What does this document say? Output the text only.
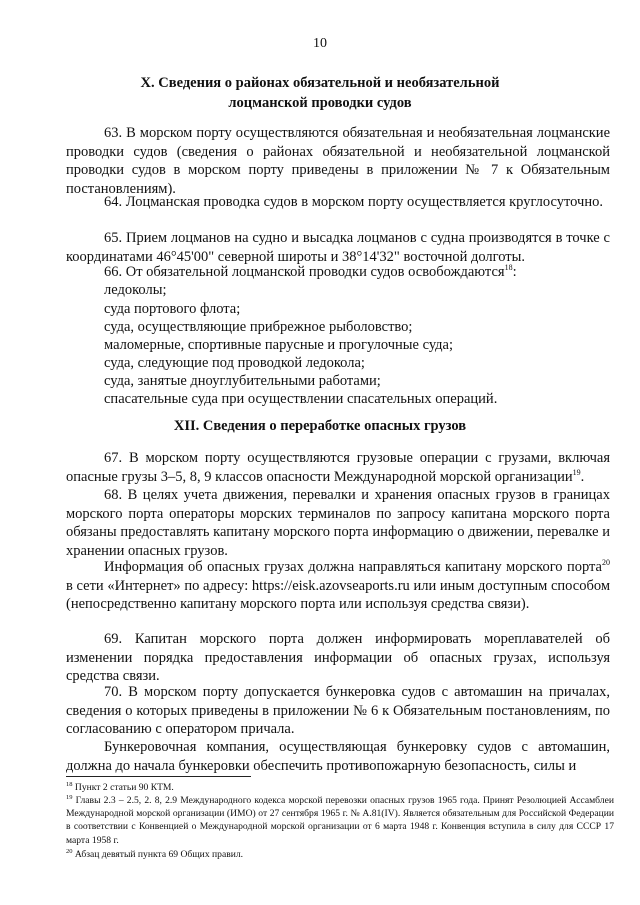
10
X. Сведения о районах обязательной и необязательной
лоцманской проводки судов
63. В морском порту осуществляются обязательная и необязательная лоцманские проводки судов (сведения о районах обязательной и необязательной лоцманской проводки судов в морском порту приведены в приложении № 7 к Обязательным постановлениям).
64. Лоцманская проводка судов в морском порту осуществляется круглосуточно.
65. Прием лоцманов на судно и высадка лоцманов с судна производятся в точке с координатами 46°45'00" северной широты и 38°14'32" восточной долготы.
66. От обязательной лоцманской проводки судов освобождаются$^{18}$:
ледоколы;
суда портового флота;
суда, осуществляющие прибрежное рыболовство;
маломерные, спортивные парусные и прогулочные суда;
суда, следующие под проводкой ледокола;
суда, занятые дноуглубительными работами;
спасательные суда при осуществлении спасательных операций.
XII. Сведения о переработке опасных грузов
67. В морском порту осуществляются грузовые операции с грузами, включая опасные грузы 3–5, 8, 9 классов опасности Международной морской организации$^{19}$.
68. В целях учета движения, перевалки и хранения опасных грузов в границах морского порта операторы морских терминалов по запросу капитана морского порта обязаны предоставлять капитану морского порта информацию о движении, перевалке и хранении опасных грузов.
Информация об опасных грузах должна направляться капитану морского порта$^{20}$ в сети «Интернет» по адресу: https://eisk.azovseaports.ru или иным доступным способом (непосредственно капитану морского порта или используя средства связи).
69. Капитан морского порта должен информировать мореплавателей об изменении порядка предоставления информации об опасных грузах, используя средства связи.
70. В морском порту допускается бункеровка судов с автомашин на причалах, сведения о которых приведены в приложении № 6 к Обязательным постановлениям, по согласованию с оператором причала.
Бункеровочная компания, осуществляющая бункеровку судов с автомашин, должна до начала бункеровки обеспечить противопожарную безопасность, силы и
$^{18}$ Пункт 2 статьи 90 КТМ.
$^{19}$ Главы 2.3 – 2.5, 2. 8, 2.9 Международного кодекса морской перевозки опасных грузов 1965 года. Принят Резолюцией Ассамблеи Международной морской организации (ИМО) от 27 сентября 1965 г. № A.81(IV). Является обязательным для Российской Федерации в соответствии с Конвенцией о Международной морской организации от 6 марта 1948 г. Конвенция вступила в силу для СССР 17 марта 1958 г.
$^{20}$ Абзац девятый пункта 69 Общих правил.
